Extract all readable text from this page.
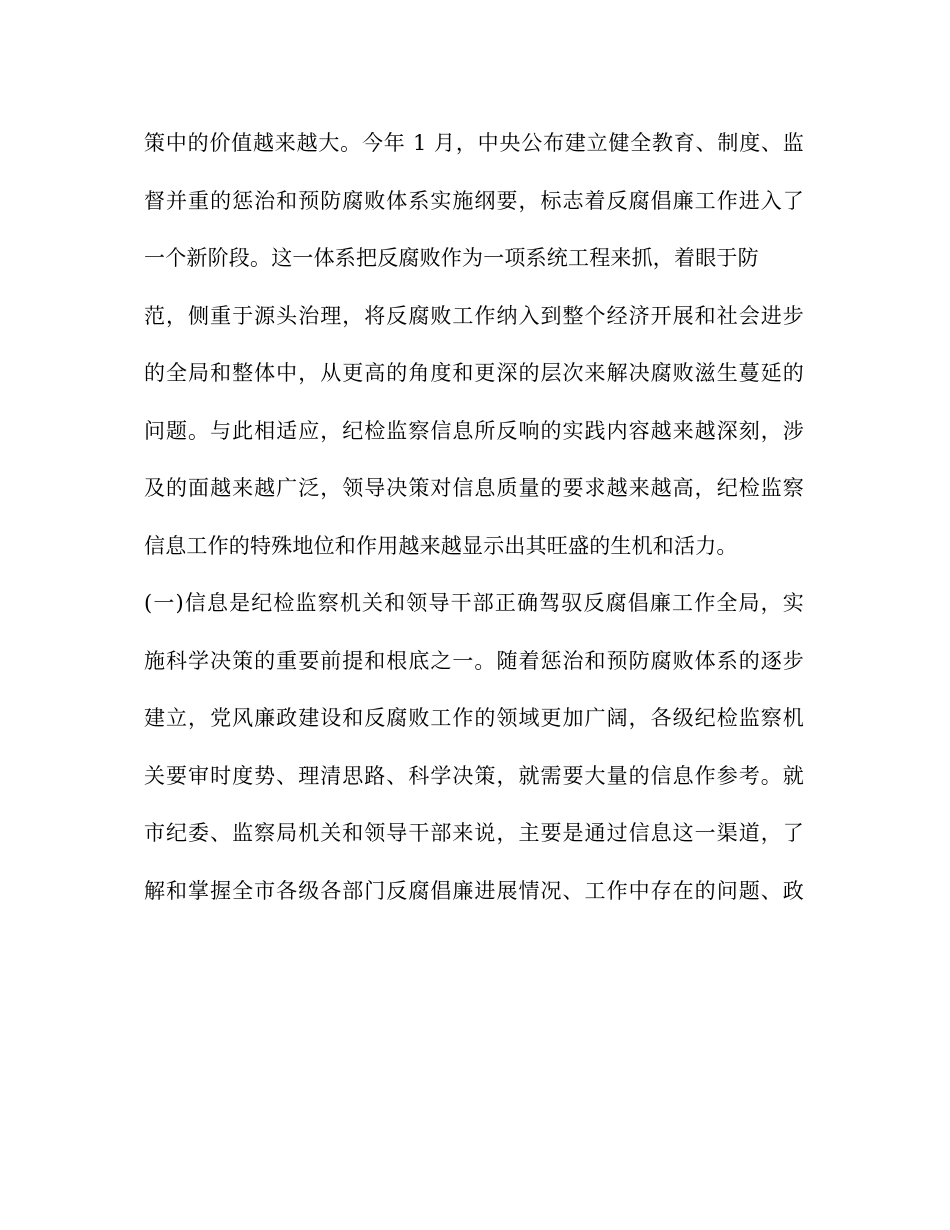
策中的价值越来越大。今年 1 月，中央公布建立健全教育、制度、监
督并重的惩治和预防腐败体系实施纲要，标志着反腐倡廉工作进入了
一个新阶段。这一体系把反腐败作为一项系统工程来抓，着眼于防
范，侧重于源头治理，将反腐败工作纳入到整个经济开展和社会进步
的全局和整体中，从更高的角度和更深的层次来解决腐败滋生蔓延的
问题。与此相适应，纪检监察信息所反响的实践内容越来越深刻，涉
及的面越来越广泛，领导决策对信息质量的要求越来越高，纪检监察
信息工作的特殊地位和作用越来越显示出其旺盛的生机和活力。
(一)信息是纪检监察机关和领导干部正确驾驭反腐倡廉工作全局，实
施科学决策的重要前提和根底之一。随着惩治和预防腐败体系的逐步
建立，党风廉政建设和反腐败工作的领域更加广阔，各级纪检监察机
关要审时度势、理清思路、科学决策，就需要大量的信息作参考。就
市纪委、监察局机关和领导干部来说，主要是通过信息这一渠道，了
解和掌握全市各级各部门反腐倡廉进展情况、工作中存在的问题、政
